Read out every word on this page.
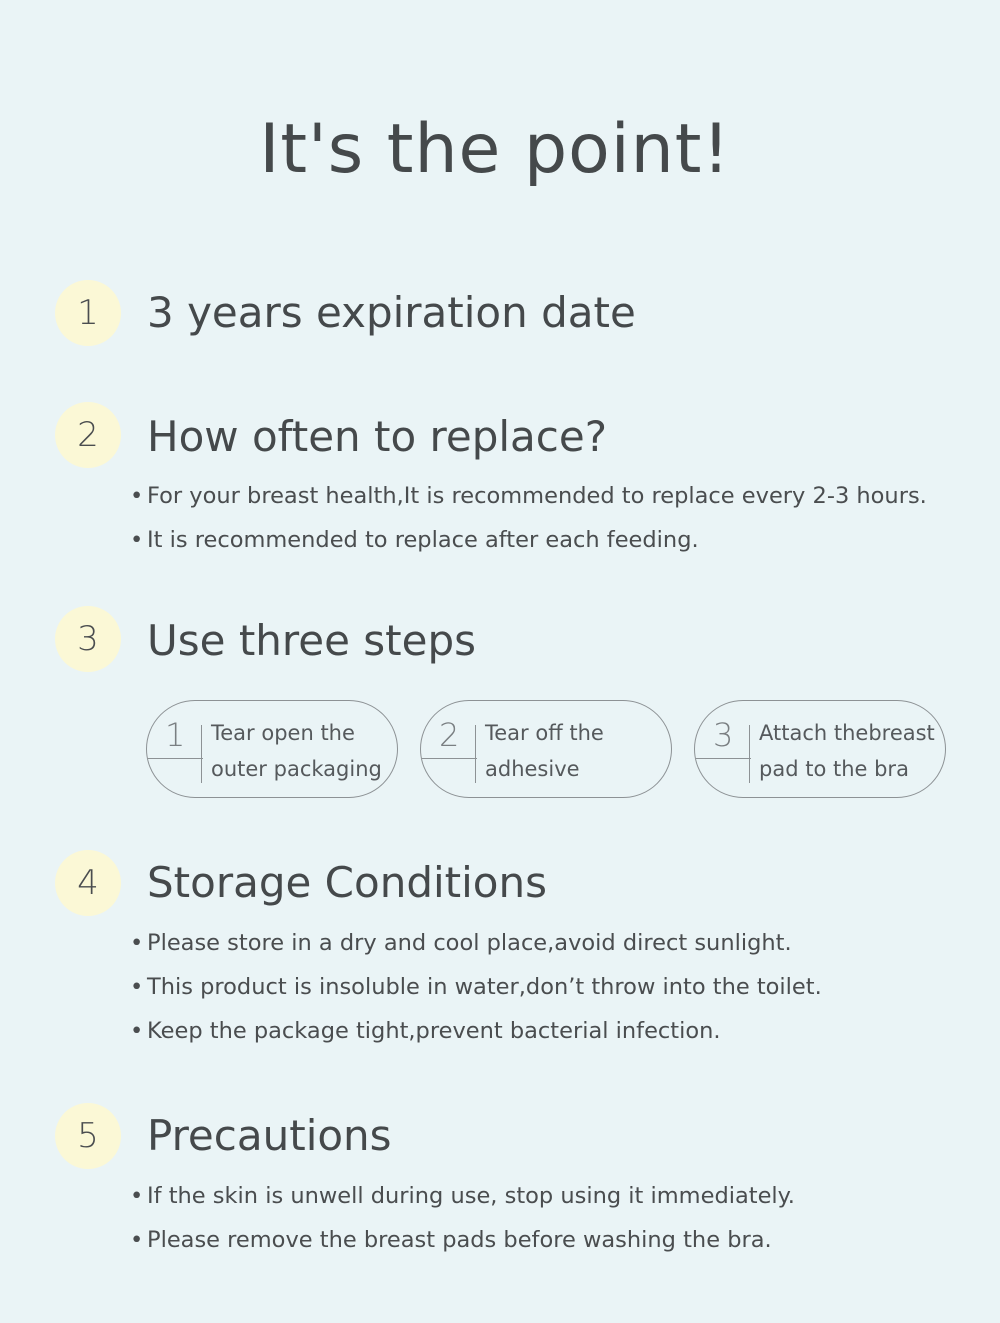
It's the point!
1	3 years expiration date
2	How often to replace?
• For your breast health,It is recommended to replace every 2-3 hours.
• It is recommended to replace after each feeding.
3	Use three steps
1 Tear open the
outer packaging
2 Tear off the
adhesive
3 Attach thebreast
pad to the bra
4	Storage Conditions
• Please store in a dry and cool place,avoid direct sunlight.
• This product is insoluble in water,don’t throw into the toilet.
• Keep the package tight,prevent bacterial infection.
5	Precautions
• If the skin is unwell during use, stop using it immediately.
• Please remove the breast pads before washing the bra.
